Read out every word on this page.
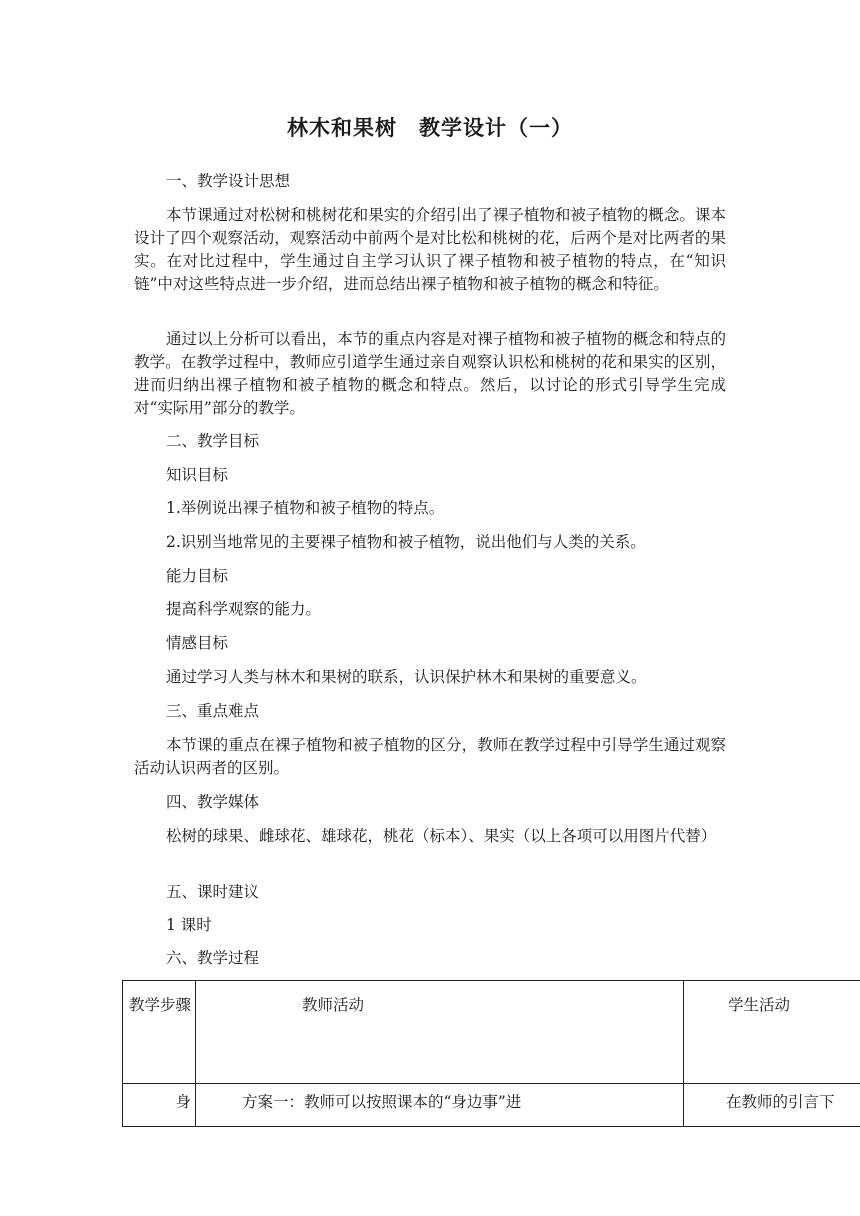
林木和果树　教学设计（一）
一、教学设计思想
本节课通过对松树和桃树花和果实的介绍引出了裸子植物和被子植物的概念。课本设计了四个观察活动，观察活动中前两个是对比松和桃树的花，后两个是对比两者的果实。在对比过程中，学生通过自主学习认识了裸子植物和被子植物的特点，在“知识链”中对这些特点进一步介绍，进而总结出裸子植物和被子植物的概念和特征。
通过以上分析可以看出，本节的重点内容是对裸子植物和被子植物的概念和特点的教学。在教学过程中，教师应引道学生通过亲自观察认识松和桃树的花和果实的区别，进而归纳出裸子植物和被子植物的概念和特点。然后，以讨论的形式引导学生完成对“实际用”部分的教学。
二、教学目标
知识目标
1.举例说出裸子植物和被子植物的特点。
2.识别当地常见的主要裸子植物和被子植物，说出他们与人类的关系。
能力目标
提高科学观察的能力。
情感目标
通过学习人类与林木和果树的联系，认识保护林木和果树的重要意义。
三、重点难点
本节课的重点在裸子植物和被子植物的区分，教师在教学过程中引导学生通过观察活动认识两者的区别。
四、教学媒体
松树的球果、雌球花、雄球花，桃花（标本）、果实（以上各项可以用图片代替）
五、课时建议
1 课时
六、教学过程
教学步骤	教师活动	学生活动
身	方案一：教师可以按照课本的“身边事”进	在教师的引言下
